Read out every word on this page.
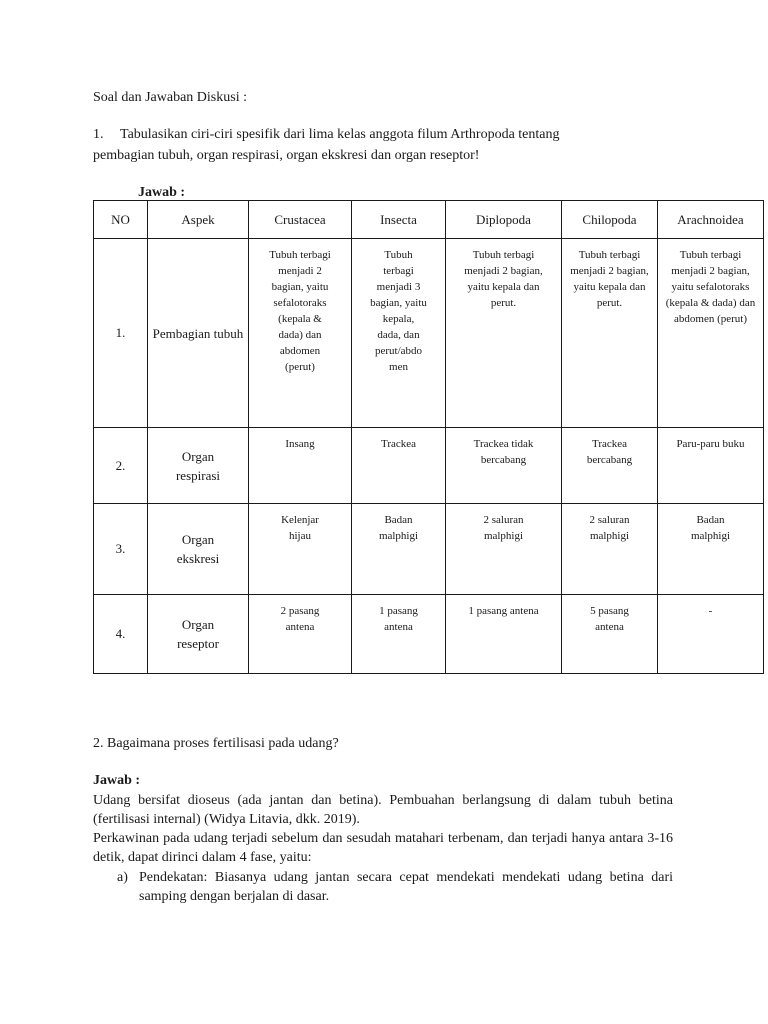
Soal dan Jawaban Diskusi :
1. Tabulasikan ciri-ciri spesifik dari lima kelas anggota filum Arthropoda tentang
pembagian tubuh, organ respirasi, organ ekskresi dan organ reseptor!
Jawab :
NO	Aspek	Crustacea	Insecta	Diplopoda	Chilopoda	Arachnoidea
1.	Pembagian tubuh	Tubuh terbagi menjadi 2 bagian, yaitu sefalotoraks (kepala & dada) dan abdomen (perut)	Tubuh terbagi menjadi 3 bagian, yaitu kepala, dada, dan perut/abdo men	Tubuh terbagi menjadi 2 bagian, yaitu kepala dan perut.	Tubuh terbagi menjadi 2 bagian, yaitu kepala dan perut.	Tubuh terbagi menjadi 2 bagian, yaitu sefalotoraks (kepala & dada) dan abdomen (perut)

2.	Organ respirasi	Insang	Trackea	Trackea tidak bercabang	Trackea bercabang	Paru-paru buku

3.	Organ ekskresi	Kelenjar hijau	Badan malphigi	2 saluran malphigi	2 saluran malphigi	Badan malphigi

4.	Organ reseptor	2 pasang antena	1 pasang antena	1 pasang antena	5 pasang antena	-
2. Bagaimana proses fertilisasi pada udang?
Jawab :
Udang bersifat dioseus (ada jantan dan betina). Pembuahan berlangsung di dalam tubuh betina (fertilisasi internal) (Widya Litavia, dkk. 2019).
Perkawinan pada udang terjadi sebelum dan sesudah matahari terbenam, dan terjadi hanya antara 3-16 detik, dapat dirinci dalam 4 fase, yaitu:
a) Pendekatan: Biasanya udang jantan secara cepat mendekati mendekati udang betina dari samping dengan berjalan di dasar.
